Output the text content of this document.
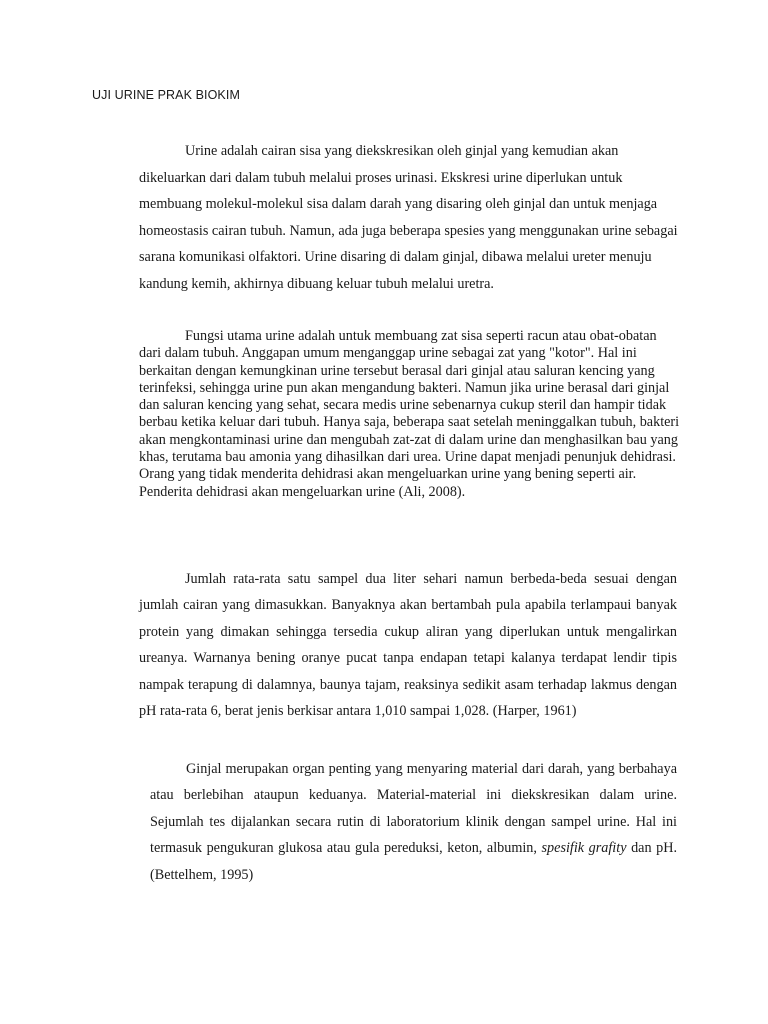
UJI URINE PRAK BIOKIM

Urine adalah cairan sisa yang diekskresikan oleh ginjal yang kemudian akan dikeluarkan dari dalam tubuh melalui proses urinasi. Ekskresi urine diperlukan untuk membuang molekul-molekul sisa dalam darah yang disaring oleh ginjal dan untuk menjaga homeostasis cairan tubuh. Namun, ada juga beberapa spesies yang menggunakan urine sebagai sarana komunikasi olfaktori. Urine disaring di dalam ginjal, dibawa melalui ureter menuju kandung kemih, akhirnya dibuang keluar tubuh melalui uretra.

Fungsi utama urine adalah untuk membuang zat sisa seperti racun atau obat-obatan dari dalam tubuh. Anggapan umum menganggap urine sebagai zat yang "kotor". Hal ini berkaitan dengan kemungkinan urine tersebut berasal dari ginjal atau saluran kencing yang terinfeksi, sehingga urine pun akan mengandung bakteri. Namun jika urine berasal dari ginjal dan saluran kencing yang sehat, secara medis urine sebenarnya cukup steril dan hampir tidak berbau ketika keluar dari tubuh. Hanya saja, beberapa saat setelah meninggalkan tubuh, bakteri akan mengkontaminasi urine dan mengubah zat-zat di dalam urine dan menghasilkan bau yang khas, terutama bau amonia yang dihasilkan dari urea. Urine dapat menjadi penunjuk dehidrasi. Orang yang tidak menderita dehidrasi akan mengeluarkan urine yang bening seperti air. Penderita dehidrasi akan mengeluarkan urine (Ali, 2008).

Jumlah rata-rata satu sampel dua liter sehari namun berbeda-beda sesuai dengan jumlah cairan yang dimasukkan. Banyaknya akan bertambah pula apabila terlampaui banyak protein yang dimakan sehingga tersedia cukup aliran yang diperlukan untuk mengalirkan ureanya. Warnanya bening oranye pucat tanpa endapan tetapi kalanya terdapat lendir tipis nampak terapung di dalamnya, baunya tajam, reaksinya sedikit asam terhadap lakmus dengan pH rata-rata 6, berat jenis berkisar antara 1,010 sampai 1,028. (Harper, 1961)

Ginjal merupakan organ penting yang menyaring material dari darah, yang berbahaya atau berlebihan ataupun keduanya. Material-material ini diekskresikan dalam urine. Sejumlah tes dijalankan secara rutin di laboratorium klinik dengan sampel urine. Hal ini termasuk pengukuran glukosa atau gula pereduksi, keton, albumin, spesifik grafity dan pH. (Bettelhem, 1995)
